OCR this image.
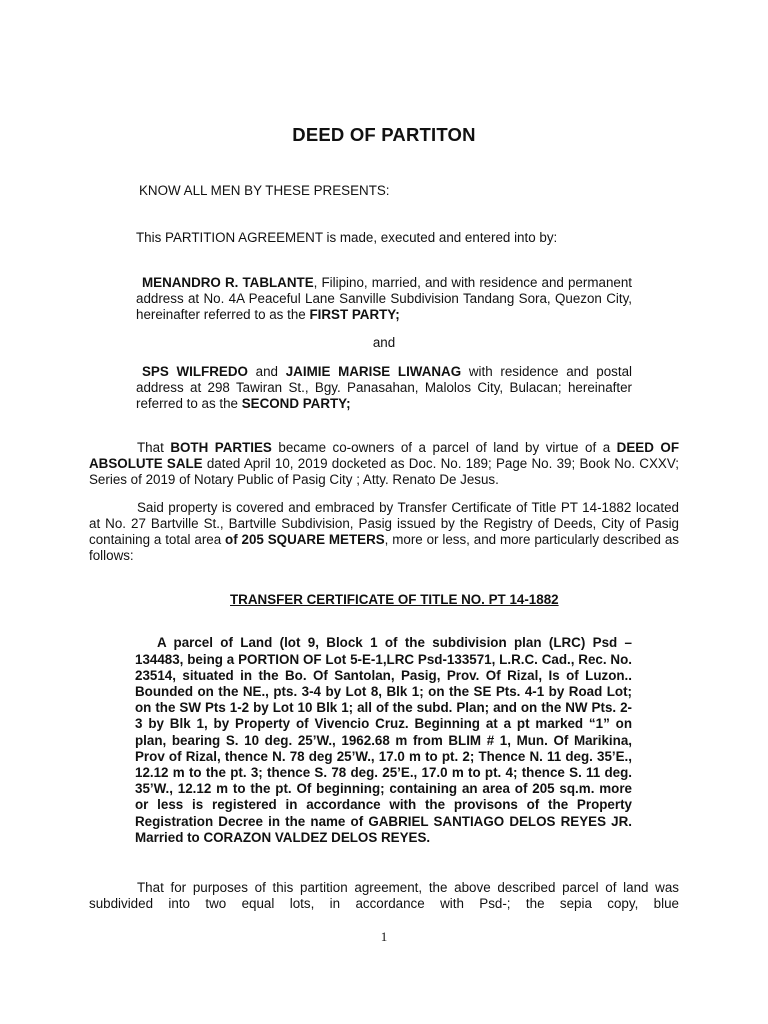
DEED OF PARTITON

KNOW ALL MEN BY THESE PRESENTS:

This PARTITION AGREEMENT is made, executed and entered into by:

MENANDRO R. TABLANTE, Filipino, married, and with residence and permanent address at No. 4A Peaceful Lane Sanville Subdivision Tandang Sora, Quezon City, hereinafter referred to as the FIRST PARTY;

and

SPS WILFREDO and JAIMIE MARISE LIWANAG with residence and postal address at 298 Tawiran St., Bgy. Panasahan, Malolos City, Bulacan; hereinafter referred to as the SECOND PARTY;

That BOTH PARTIES became co-owners of a parcel of land by virtue of a DEED OF ABSOLUTE SALE dated April 10, 2019 docketed as Doc. No. 189; Page No. 39; Book No. CXXV; Series of 2019 of Notary Public of Pasig City ; Atty. Renato De Jesus.

Said property is covered and embraced by Transfer Certificate of Title PT 14-1882 located at No. 27 Bartville St., Bartville Subdivision, Pasig issued by the Registry of Deeds, City of Pasig containing a total area of 205 SQUARE METERS, more or less, and more particularly described as follows:

TRANSFER CERTIFICATE OF TITLE NO. PT 14-1882

A parcel of Land (lot 9, Block 1 of the subdivision plan (LRC) Psd – 134483, being a PORTION OF Lot 5-E-1,LRC Psd-133571, L.R.C. Cad., Rec. No. 23514, situated in the Bo. Of Santolan, Pasig, Prov. Of Rizal, Is of Luzon.. Bounded on the NE., pts. 3-4 by Lot 8, Blk 1; on the SE Pts. 4-1 by Road Lot; on the SW Pts 1-2 by Lot 10 Blk 1; all of the subd. Plan; and on the NW Pts. 2-3 by Blk 1, by Property of Vivencio Cruz. Beginning at a pt marked “1” on plan, bearing S. 10 deg. 25’W., 1962.68 m from BLIM # 1, Mun. Of Marikina, Prov of Rizal, thence N. 78 deg 25’W., 17.0 m to pt. 2; Thence N. 11 deg. 35’E., 12.12 m to the pt. 3; thence S. 78 deg. 25’E., 17.0 m to pt. 4; thence S. 11 deg. 35’W., 12.12 m to the pt. Of beginning; containing an area of 205 sq.m. more or less is registered in accordance with the provisons of the Property Registration Decree in the name of GABRIEL SANTIAGO DELOS REYES JR. Married to CORAZON VALDEZ DELOS REYES.

That for purposes of this partition agreement, the above described parcel of land was subdivided into two equal lots, in accordance with Psd-; the sepia copy, blue

1
